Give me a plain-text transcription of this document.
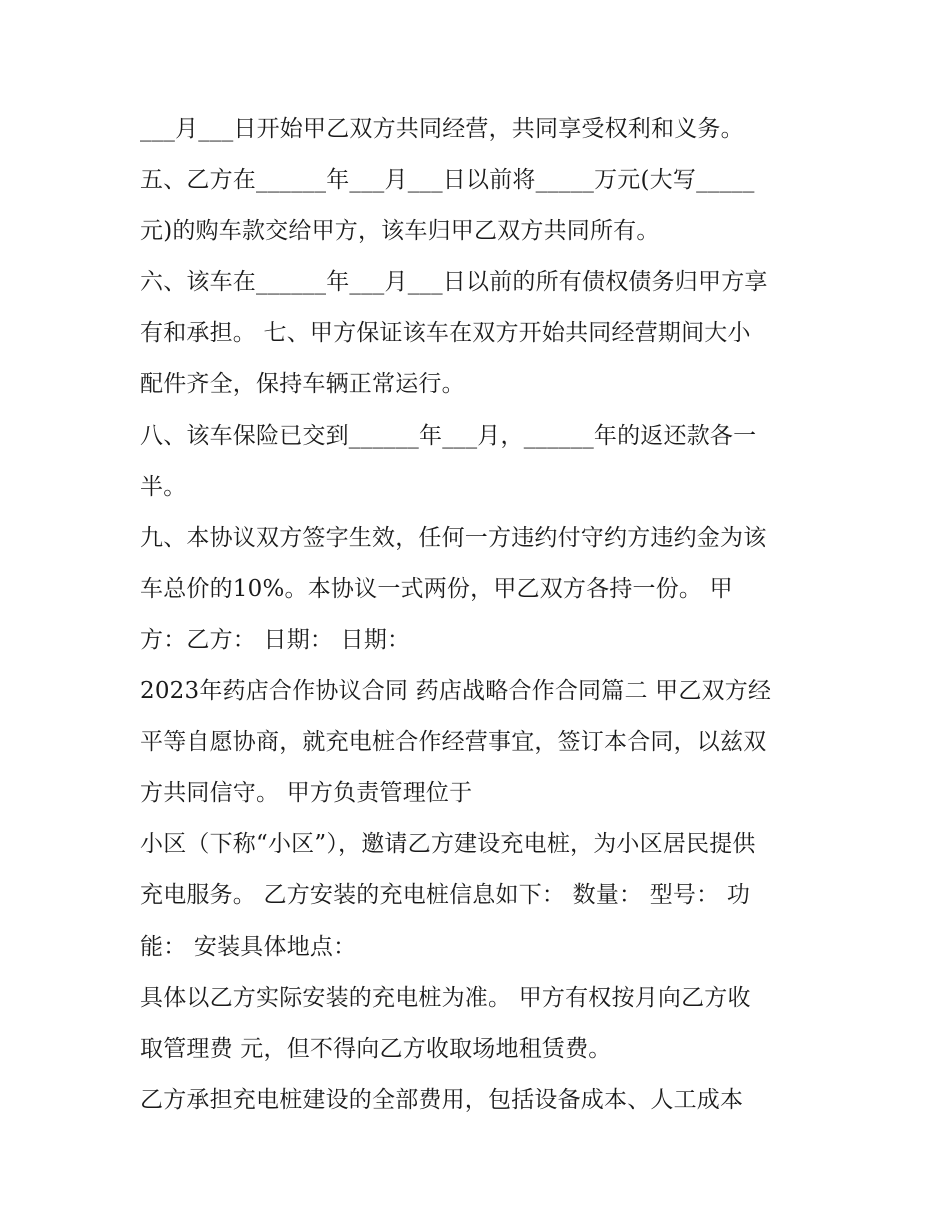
___月___日开始甲乙双方共同经营，共同享受权利和义务。
五、乙方在______年___月___日以前将_____万元(大写_____
元)的购车款交给甲方，该车归甲乙双方共同所有。
六、该车在______年___月___日以前的所有债权债务归甲方享
有和承担。 七、甲方保证该车在双方开始共同经营期间大小
配件齐全，保持车辆正常运行。
八、该车保险已交到______年___月，______年的返还款各一
半。
九、本协议双方签字生效，任何一方违约付守约方违约金为该
车总价的10%。本协议一式两份，甲乙双方各持一份。 甲
方：乙方： 日期： 日期：
2023年药店合作协议合同 药店战略合作合同篇二 甲乙双方经
平等自愿协商，就充电桩合作经营事宜，签订本合同，以兹双
方共同信守。 甲方负责管理位于
小区（下称“小区”），邀请乙方建设充电桩，为小区居民提供
充电服务。 乙方安装的充电桩信息如下： 数量： 型号： 功
能： 安装具体地点：
具体以乙方实际安装的充电桩为准。 甲方有权按月向乙方收
取管理费 元，但不得向乙方收取场地租赁费。
乙方承担充电桩建设的全部费用，包括设备成本、人工成本
